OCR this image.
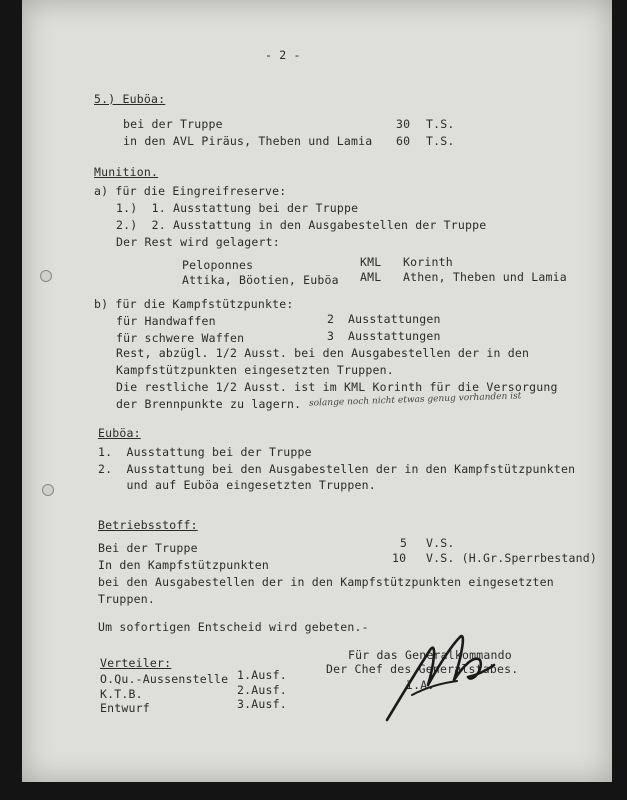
- 2 -
5.) Euböa:
bei der Truppe	30 T.S.
in den AVL Piräus, Theben und Lamia 60 T.S.
Munition.
a) für die Eingreifreserve:
1.)  1. Ausstattung bei der Truppe
2.)  2. Ausstattung in den Ausgabestellen der Truppe
Der Rest wird gelagert:
Peloponnes	KML Korinth
Attika, Böotien, Euböa AML Athen, Theben und Lamia
b) für die Kampfstützpunkte:
für Handwaffen	2 Ausstattungen
für schwere Waffen	3 Ausstattungen
Rest, abzügl. 1/2 Ausst. bei den Ausgabestellen der in den
Kampfstützpunkten eingesetzten Truppen.
Die restliche 1/2 Ausst. ist im KML Korinth für die Versorgung
der Brennpunkte zu lagern. solange noch nicht etwas genug vorhanden ist
Euböa:
1.  Ausstattung bei der Truppe
2.  Ausstattung bei den Ausgabestellen der in den Kampfstützpunkten
und auf Euböa eingesetzten Truppen.
Betriebsstoff:
Bei der Truppe	5 V.S.
In den Kampfstützpunkten	10 V.S. (H.Gr.Sperrbestand)
bei den Ausgabestellen der in den Kampfstützpunkten eingesetzten
Truppen.
Um sofortigen Entscheid wird gebeten.-
Verteiler:
O.Qu.-Aussenstelle 1.Ausf.
K.T.B.	2.Ausf.
Entwurf	3.Ausf.
Für das Generalkommando
Der Chef des Generalstabes.
I.A.
